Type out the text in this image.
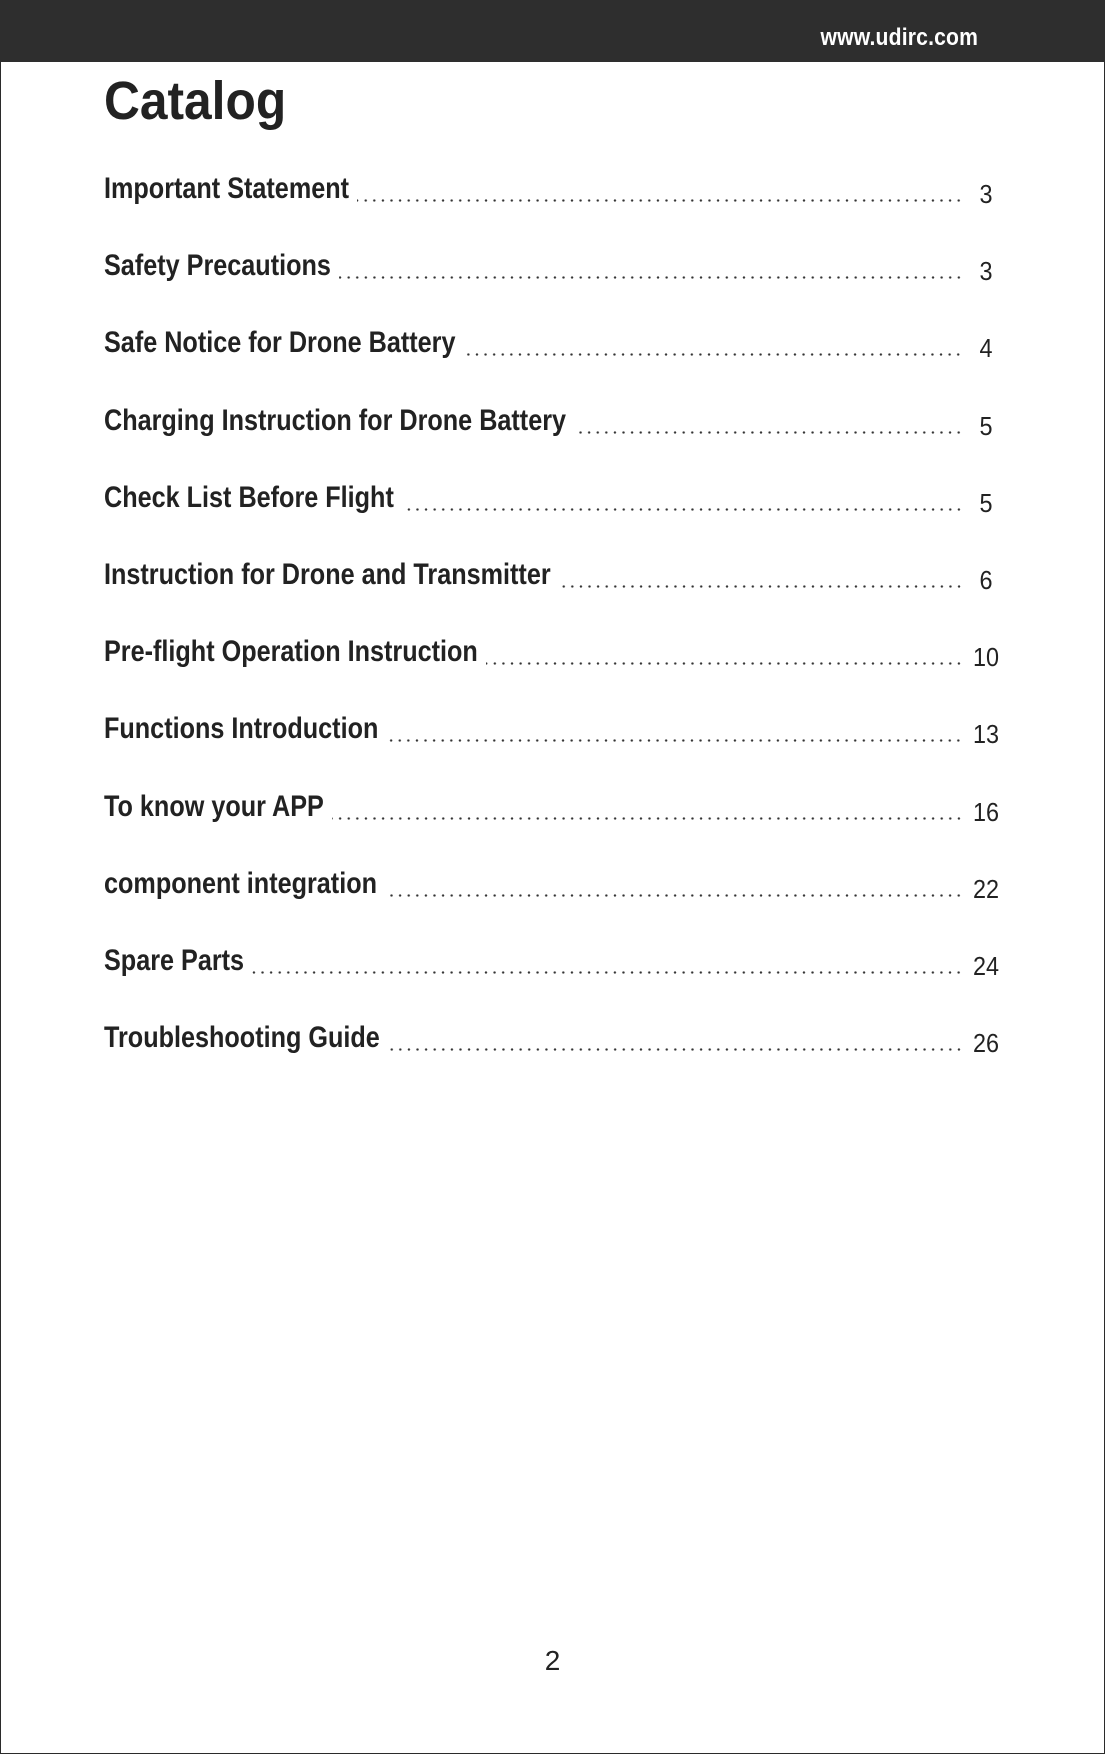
www.udirc.com
Catalog
Important Statement	3
Safety Precautions	3
Safe Notice for Drone Battery	4
Charging Instruction for Drone Battery	5
Check List Before Flight	5
Instruction for Drone and Transmitter	6
Pre-flight Operation Instruction	10
Functions Introduction	13
To know your APP	16
component integration	22
Spare Parts	24
Troubleshooting Guide	26
2
